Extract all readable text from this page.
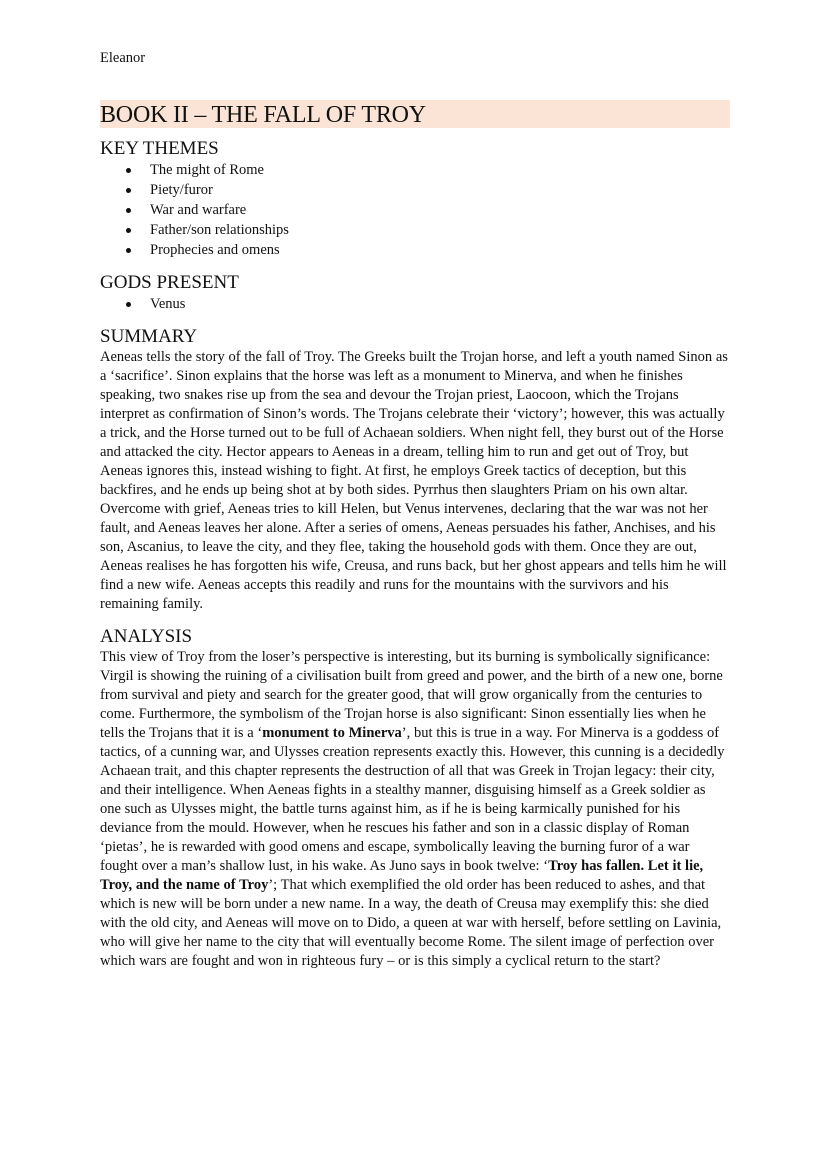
Eleanor
BOOK II – THE FALL OF TROY
KEY THEMES
The might of Rome
Piety/furor
War and warfare
Father/son relationships
Prophecies and omens
GODS PRESENT
Venus
SUMMARY

Aeneas tells the story of the fall of Troy. The Greeks built the Trojan horse, and left a youth named Sinon as a ‘sacrifice’. Sinon explains that the horse was left as a monument to Minerva, and when he finishes speaking, two snakes rise up from the sea and devour the Trojan priest, Laocoon, which the Trojans interpret as confirmation of Sinon’s words. The Trojans celebrate their ‘victory’; however, this was actually a trick, and the Horse turned out to be full of Achaean soldiers. When night fell, they burst out of the Horse and attacked the city. Hector appears to Aeneas in a dream, telling him to run and get out of Troy, but Aeneas ignores this, instead wishing to fight. At first, he employs Greek tactics of deception, but this backfires, and he ends up being shot at by both sides. Pyrrhus then slaughters Priam on his own altar. Overcome with grief, Aeneas tries to kill Helen, but Venus intervenes, declaring that the war was not her fault, and Aeneas leaves her alone. After a series of omens, Aeneas persuades his father, Anchises, and his son, Ascanius, to leave the city, and they flee, taking the household gods with them. Once they are out, Aeneas realises he has forgotten his wife, Creusa, and runs back, but her ghost appears and tells him he will find a new wife. Aeneas accepts this readily and runs for the mountains with the survivors and his remaining family.

ANALYSIS

This view of Troy from the loser’s perspective is interesting, but its burning is symbolically significance: Virgil is showing the ruining of a civilisation built from greed and power, and the birth of a new one, borne from survival and piety and search for the greater good, that will grow organically from the centuries to come. Furthermore, the symbolism of the Trojan horse is also significant: Sinon essentially lies when he tells the Trojans that it is a ‘monument to Minerva’, but this is true in a way. For Minerva is a goddess of tactics, of a cunning war, and Ulysses creation represents exactly this. However, this cunning is a decidedly Achaean trait, and this chapter represents the destruction of all that was Greek in Trojan legacy: their city, and their intelligence. When Aeneas fights in a stealthy manner, disguising himself as a Greek soldier as one such as Ulysses might, the battle turns against him, as if he is being karmically punished for his deviance from the mould. However, when he rescues his father and son in a classic display of Roman ‘pietas’, he is rewarded with good omens and escape, symbolically leaving the burning furor of a war fought over a man’s shallow lust, in his wake. As Juno says in book twelve: ‘Troy has fallen. Let it lie, Troy, and the name of Troy’; That which exemplified the old order has been reduced to ashes, and that which is new will be born under a new name. In a way, the death of Creusa may exemplify this: she died with the old city, and Aeneas will move on to Dido, a queen at war with herself, before settling on Lavinia, who will give her name to the city that will eventually become Rome. The silent image of perfection over which wars are fought and won in righteous fury – or is this simply a cyclical return to the start?
